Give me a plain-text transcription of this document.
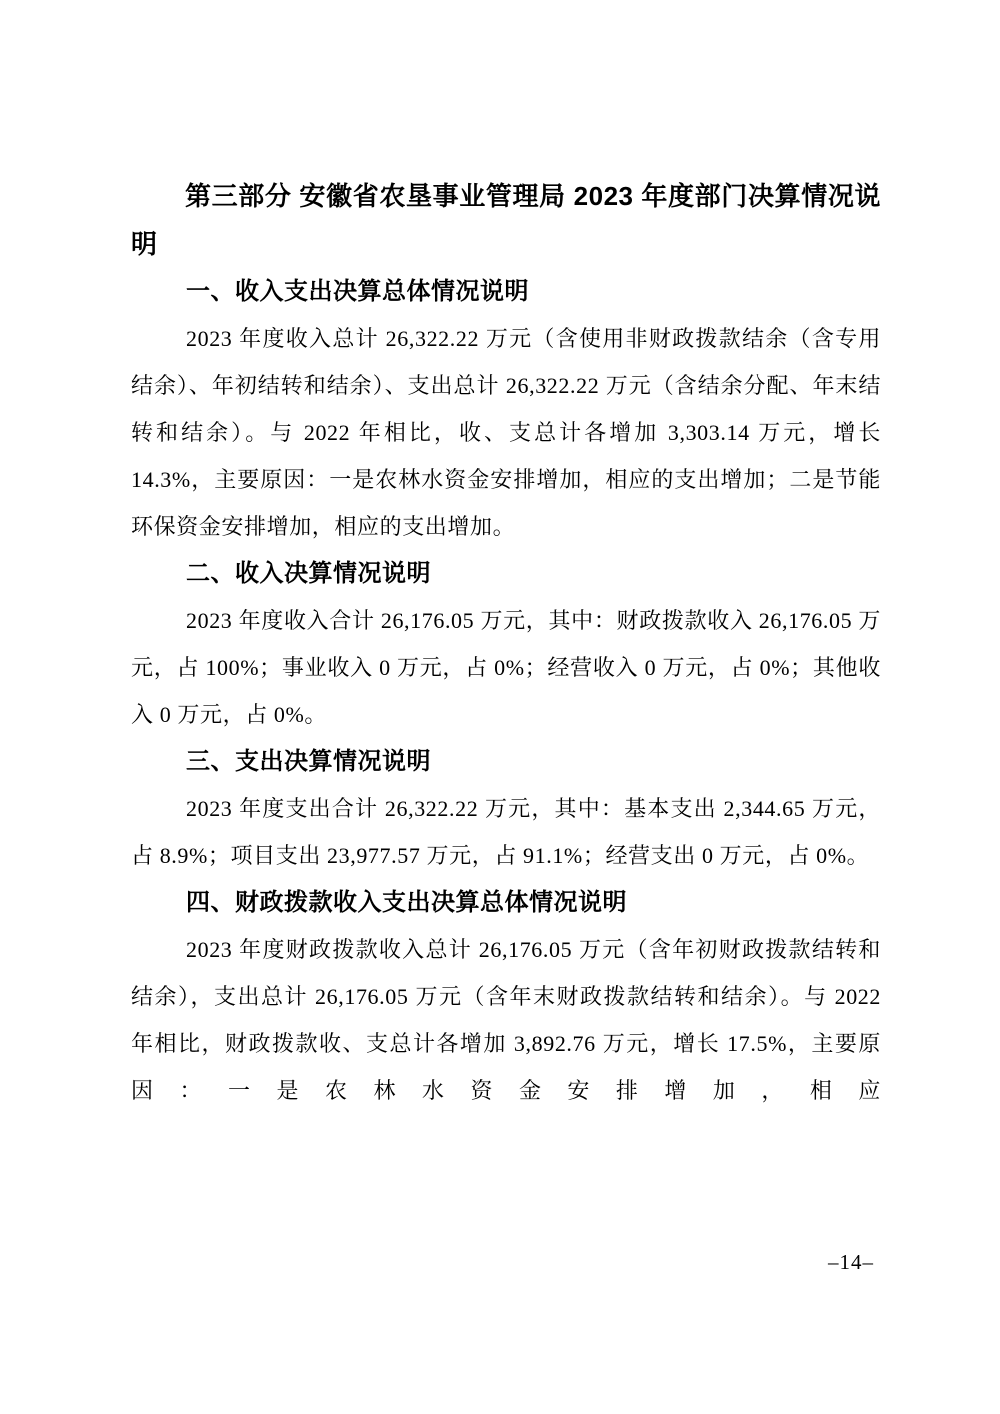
第三部分 安徽省农垦事业管理局 2023 年度部门决算情况说明

一、收入支出决算总体情况说明

2023 年度收入总计 26,322.22 万元（含使用非财政拨款结余（含专用结余）、年初结转和结余）、支出总计 26,322.22 万元（含结余分配、年末结转和结余）。与 2022 年相比，收、支总计各增加 3,303.14 万元，增长 14.3%，主要原因：一是农林水资金安排增加，相应的支出增加；二是节能环保资金安排增加，相应的支出增加。

二、收入决算情况说明

2023 年度收入合计 26,176.05 万元，其中：财政拨款收入 26,176.05 万元，占 100%；事业收入 0 万元，占 0%；经营收入 0 万元，占 0%；其他收入 0 万元，占 0%。

三、支出决算情况说明

2023 年度支出合计 26,322.22 万元，其中：基本支出 2,344.65 万元，占 8.9%；项目支出 23,977.57 万元，占 91.1%；经营支出 0 万元，占 0%。

四、财政拨款收入支出决算总体情况说明

2023 年度财政拨款收入总计 26,176.05 万元（含年初财政拨款结转和结余），支出总计 26,176.05 万元（含年末财政拨款结转和结余）。与 2022 年相比，财政拨款收、支总计各增加 3,892.76 万元，增长 17.5%，主要原因：一是农林水资金安排增加，相应

–14–
